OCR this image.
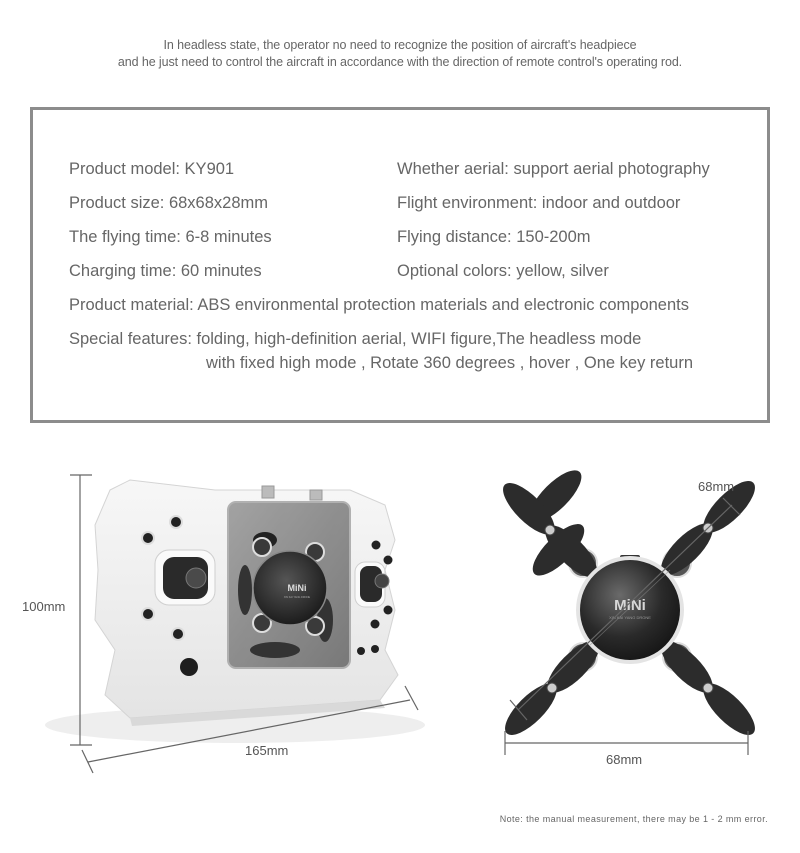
In headless state, the operator no need to recognize the position of aircraft's headpiece
and he just need to control the aircraft in accordance with the direction of remote control's operating rod.
Product model: KY901
Product size: 68x68x28mm
The flying time: 6-8 minutes
Charging time: 60 minutes
Whether aerial: support aerial photography
Flight environment: indoor and outdoor
Flying distance: 150-200m
Optional colors: yellow, silver
Product material: ABS environmental protection materials and electronic components
Special features: folding, high-definition aerial, WIFI figure,The headless mode
with fixed high mode , Rotate 360 degrees , hover , One key return
MiNi
XIN KAI YANG DRONE
100mm
165mm
MiNi
XIN KAI YANG DRONE
68mm
68mm
Note: the manual measurement, there may be 1 - 2 mm error.
